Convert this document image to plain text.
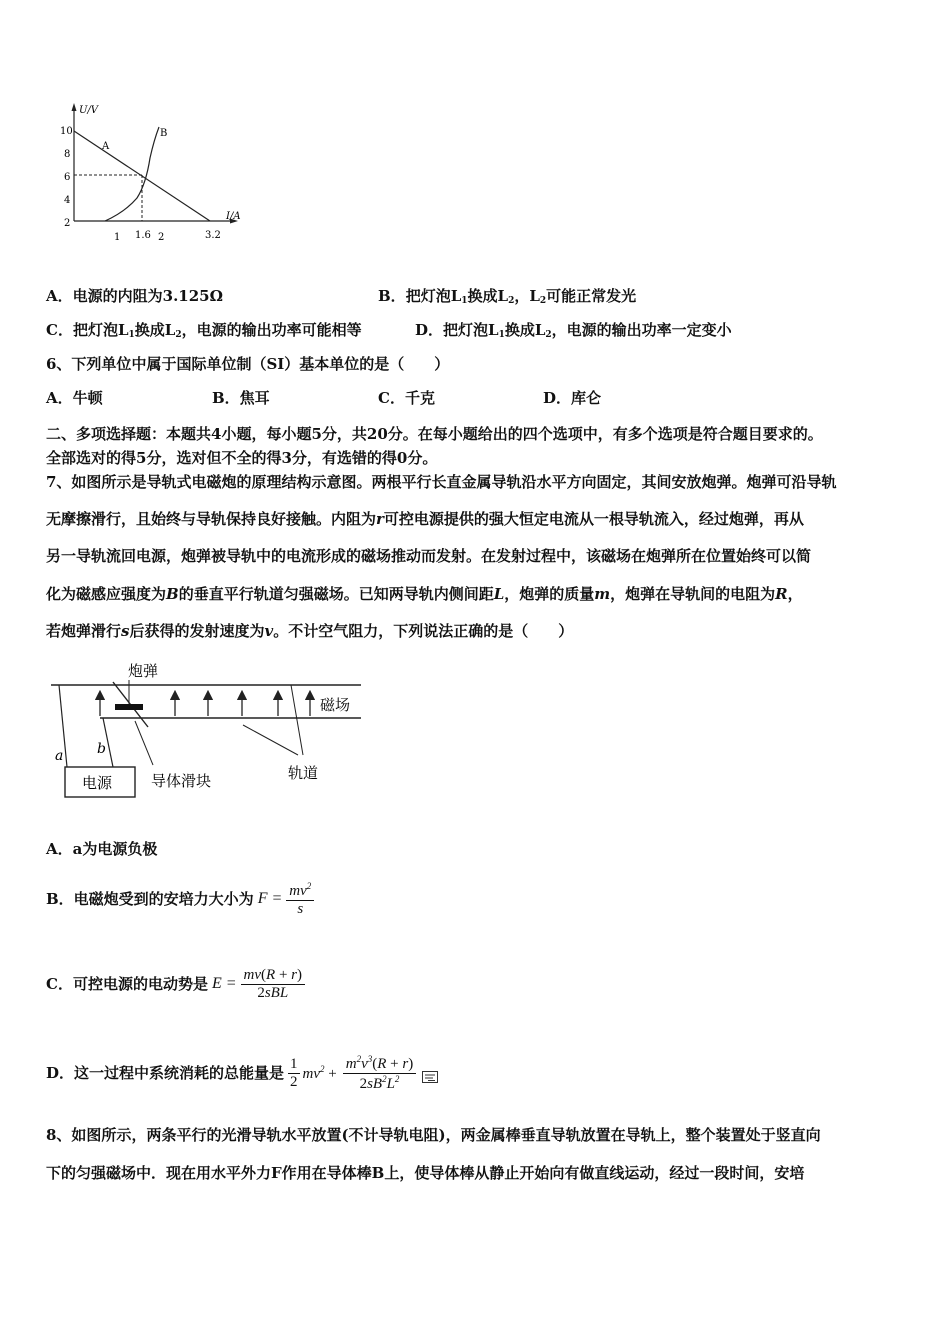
U/V
I/A
10
8
6
4
2
1 1.6 2	3.2
A
B
A．电源的内阻为3.125Ω	B．把灯泡$L_1$换成$L_2$，$L_2$可能正常发光
C．把灯泡$L_1$换成$L_2$，电源的输出功率可能相等	D．把灯泡$L_1$换成$L_2$，电源的输出功率一定变小
6、下列单位中属于国际单位制（SI）基本单位的是（　　）
A．牛顿	B．焦耳	C．千克	D．库仑
二、多项选择题：本题共4小题，每小题5分，共20分。在每小题给出的四个选项中，有多个选项是符合题目要求的。
全部选对的得5分，选对但不全的得3分，有选错的得0分。
7、如图所示是导轨式电磁炮的原理结构示意图。两根平行长直金属导轨沿水平方向固定，其间安放炮弹。炮弹可沿导轨
无摩擦滑行，且始终与导轨保持良好接触。内阻为r可控电源提供的强大恒定电流从一根导轨流入，经过炮弹，再从
另一导轨流回电源，炮弹被导轨中的电流形成的磁场推动而发射。在发射过程中，该磁场在炮弹所在位置始终可以简
化为磁感应强度为B的垂直平行轨道匀强磁场。已知两导轨内侧间距L，炮弹的质量m，炮弹在导轨间的电阻为R，
若炮弹滑行s后获得的发射速度为v。不计空气阻力，下列说法正确的是（　　）
电源
a b
炮弹
磁场
导体滑块	轨道
A．a为电源负极
B．电磁炮受到的安培力大小为 $F = \frac{mv^2}{s}$
C．可控电源的电动势是 E =
mv(R + r)
2sBL
D．这一过程中系统消耗的总能量是
1
2 $mv^2 + \frac{m^2v^3(R + r)}{2sB^2L^2}$
8、如图所示，两条平行的光滑导轨水平放置(不计导轨电阻)，两金属棒垂直导轨放置在导轨上，整个装置处于竖直向
下的匀强磁场中．现在用水平外力F作用在导体棒B上，使导体棒从静止开始向有做直线运动，经过一段时间，安培
